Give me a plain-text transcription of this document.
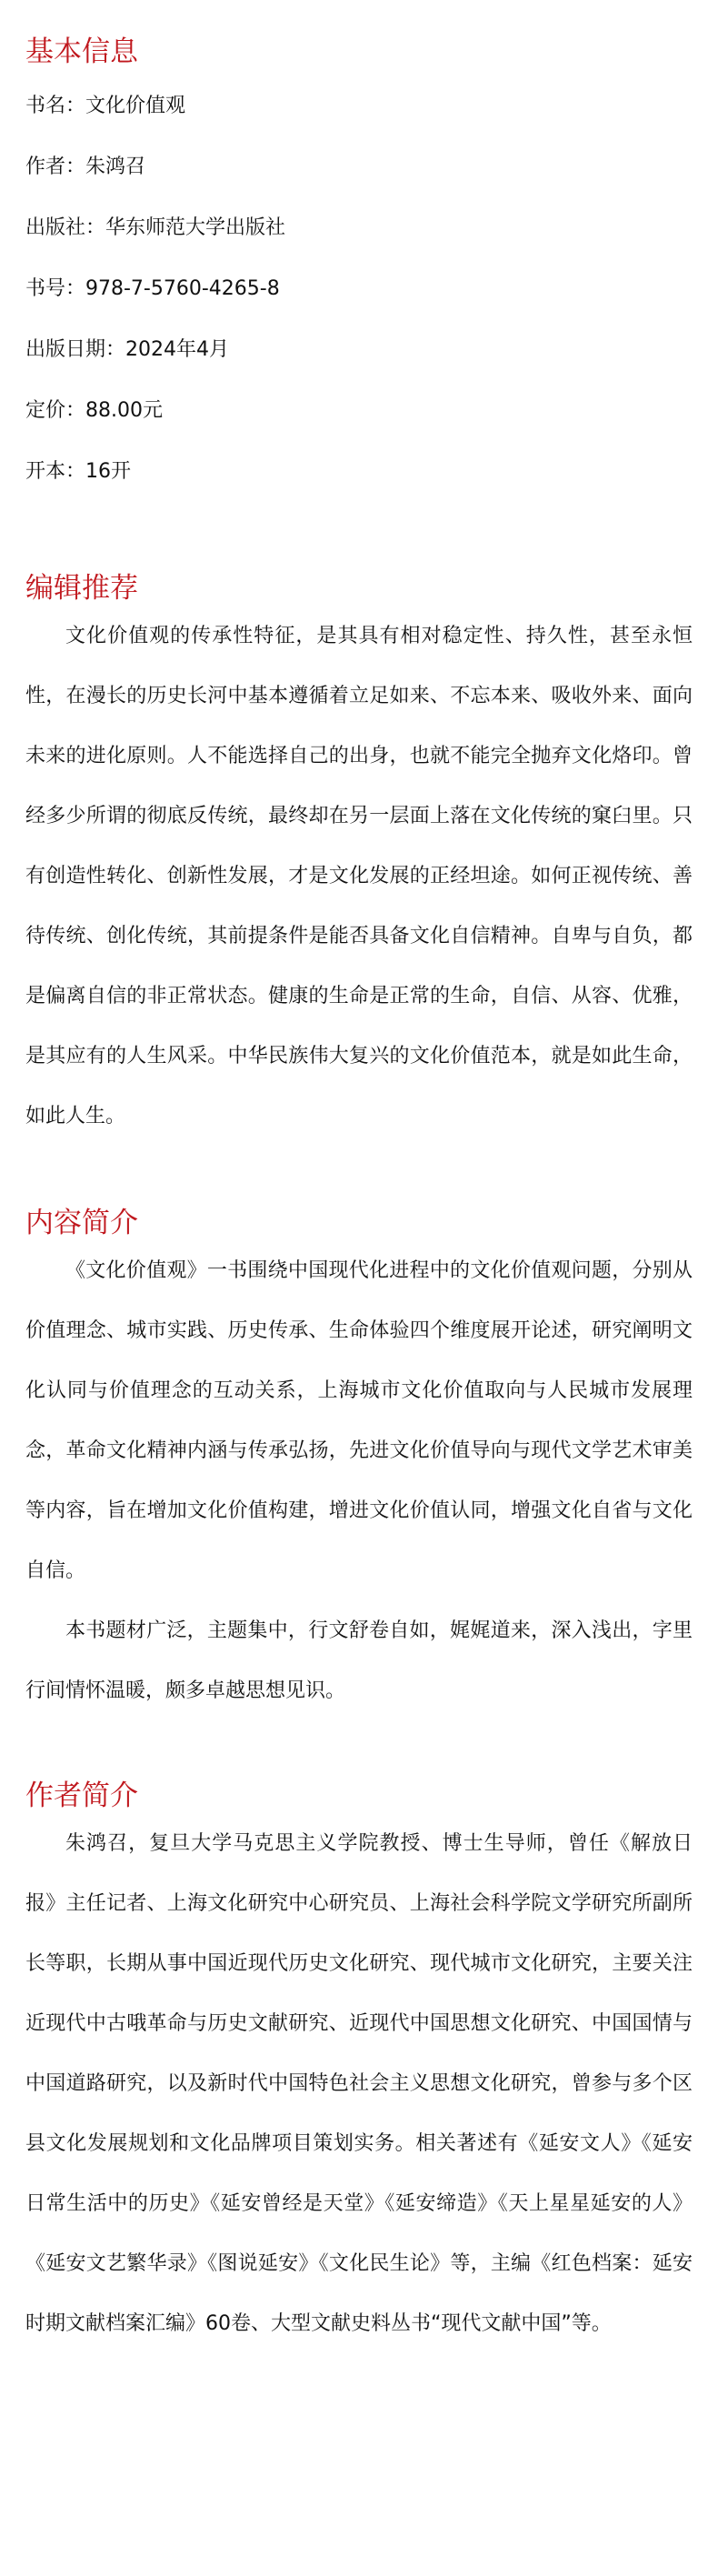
基本信息

书名：文化价值观

作者：朱鸿召

出版社：华东师范大学出版社

书号：978-7-5760-4265-8

出版日期：2024年4月

定价：88.00元

开本：16开

编辑推荐

文化价值观的传承性特征，是其具有相对稳定性、持久性，甚至永恒性，在漫长的历史长河中基本遵循着立足如来、不忘本来、吸收外来、面向未来的进化原则。人不能选择自己的出身，也就不能完全抛弃文化烙印。曾经多少所谓的彻底反传统，最终却在另一层面上落在文化传统的窠臼里。只有创造性转化、创新性发展，才是文化发展的正经坦途。如何正视传统、善待传统、创化传统，其前提条件是能否具备文化自信精神。自卑与自负，都是偏离自信的非正常状态。健康的生命是正常的生命，自信、从容、优雅，是其应有的人生风采。中华民族伟大复兴的文化价值范本，就是如此生命，如此人生。

内容简介

《文化价值观》一书围绕中国现代化进程中的文化价值观问题，分别从价值理念、城市实践、历史传承、生命体验四个维度展开论述，研究阐明文化认同与价值理念的互动关系，上海城市文化价值取向与人民城市发展理念，革命文化精神内涵与传承弘扬，先进文化价值导向与现代文学艺术审美等内容，旨在增加文化价值构建，增进文化价值认同，增强文化自省与文化自信。

本书题材广泛，主题集中，行文舒卷自如，娓娓道来，深入浅出，字里行间情怀温暖，颇多卓越思想见识。

作者简介

朱鸿召，复旦大学马克思主义学院教授、博士生导师，曾任《解放日报》主任记者、上海文化研究中心研究员、上海社会科学院文学研究所副所长等职，长期从事中国近现代历史文化研究、现代城市文化研究，主要关注近现代中古哦革命与历史文献研究、近现代中国思想文化研究、中国国情与中国道路研究，以及新时代中国特色社会主义思想文化研究，曾参与多个区县文化发展规划和文化品牌项目策划实务。相关著述有《延安文人》《延安日常生活中的历史》《延安曾经是天堂》《延安缔造》《天上星星延安的人》《延安文艺繁华录》《图说延安》《文化民生论》等，主编《红色档案：延安时期文献档案汇编》60卷、大型文献史料丛书“现代文献中国”等。
